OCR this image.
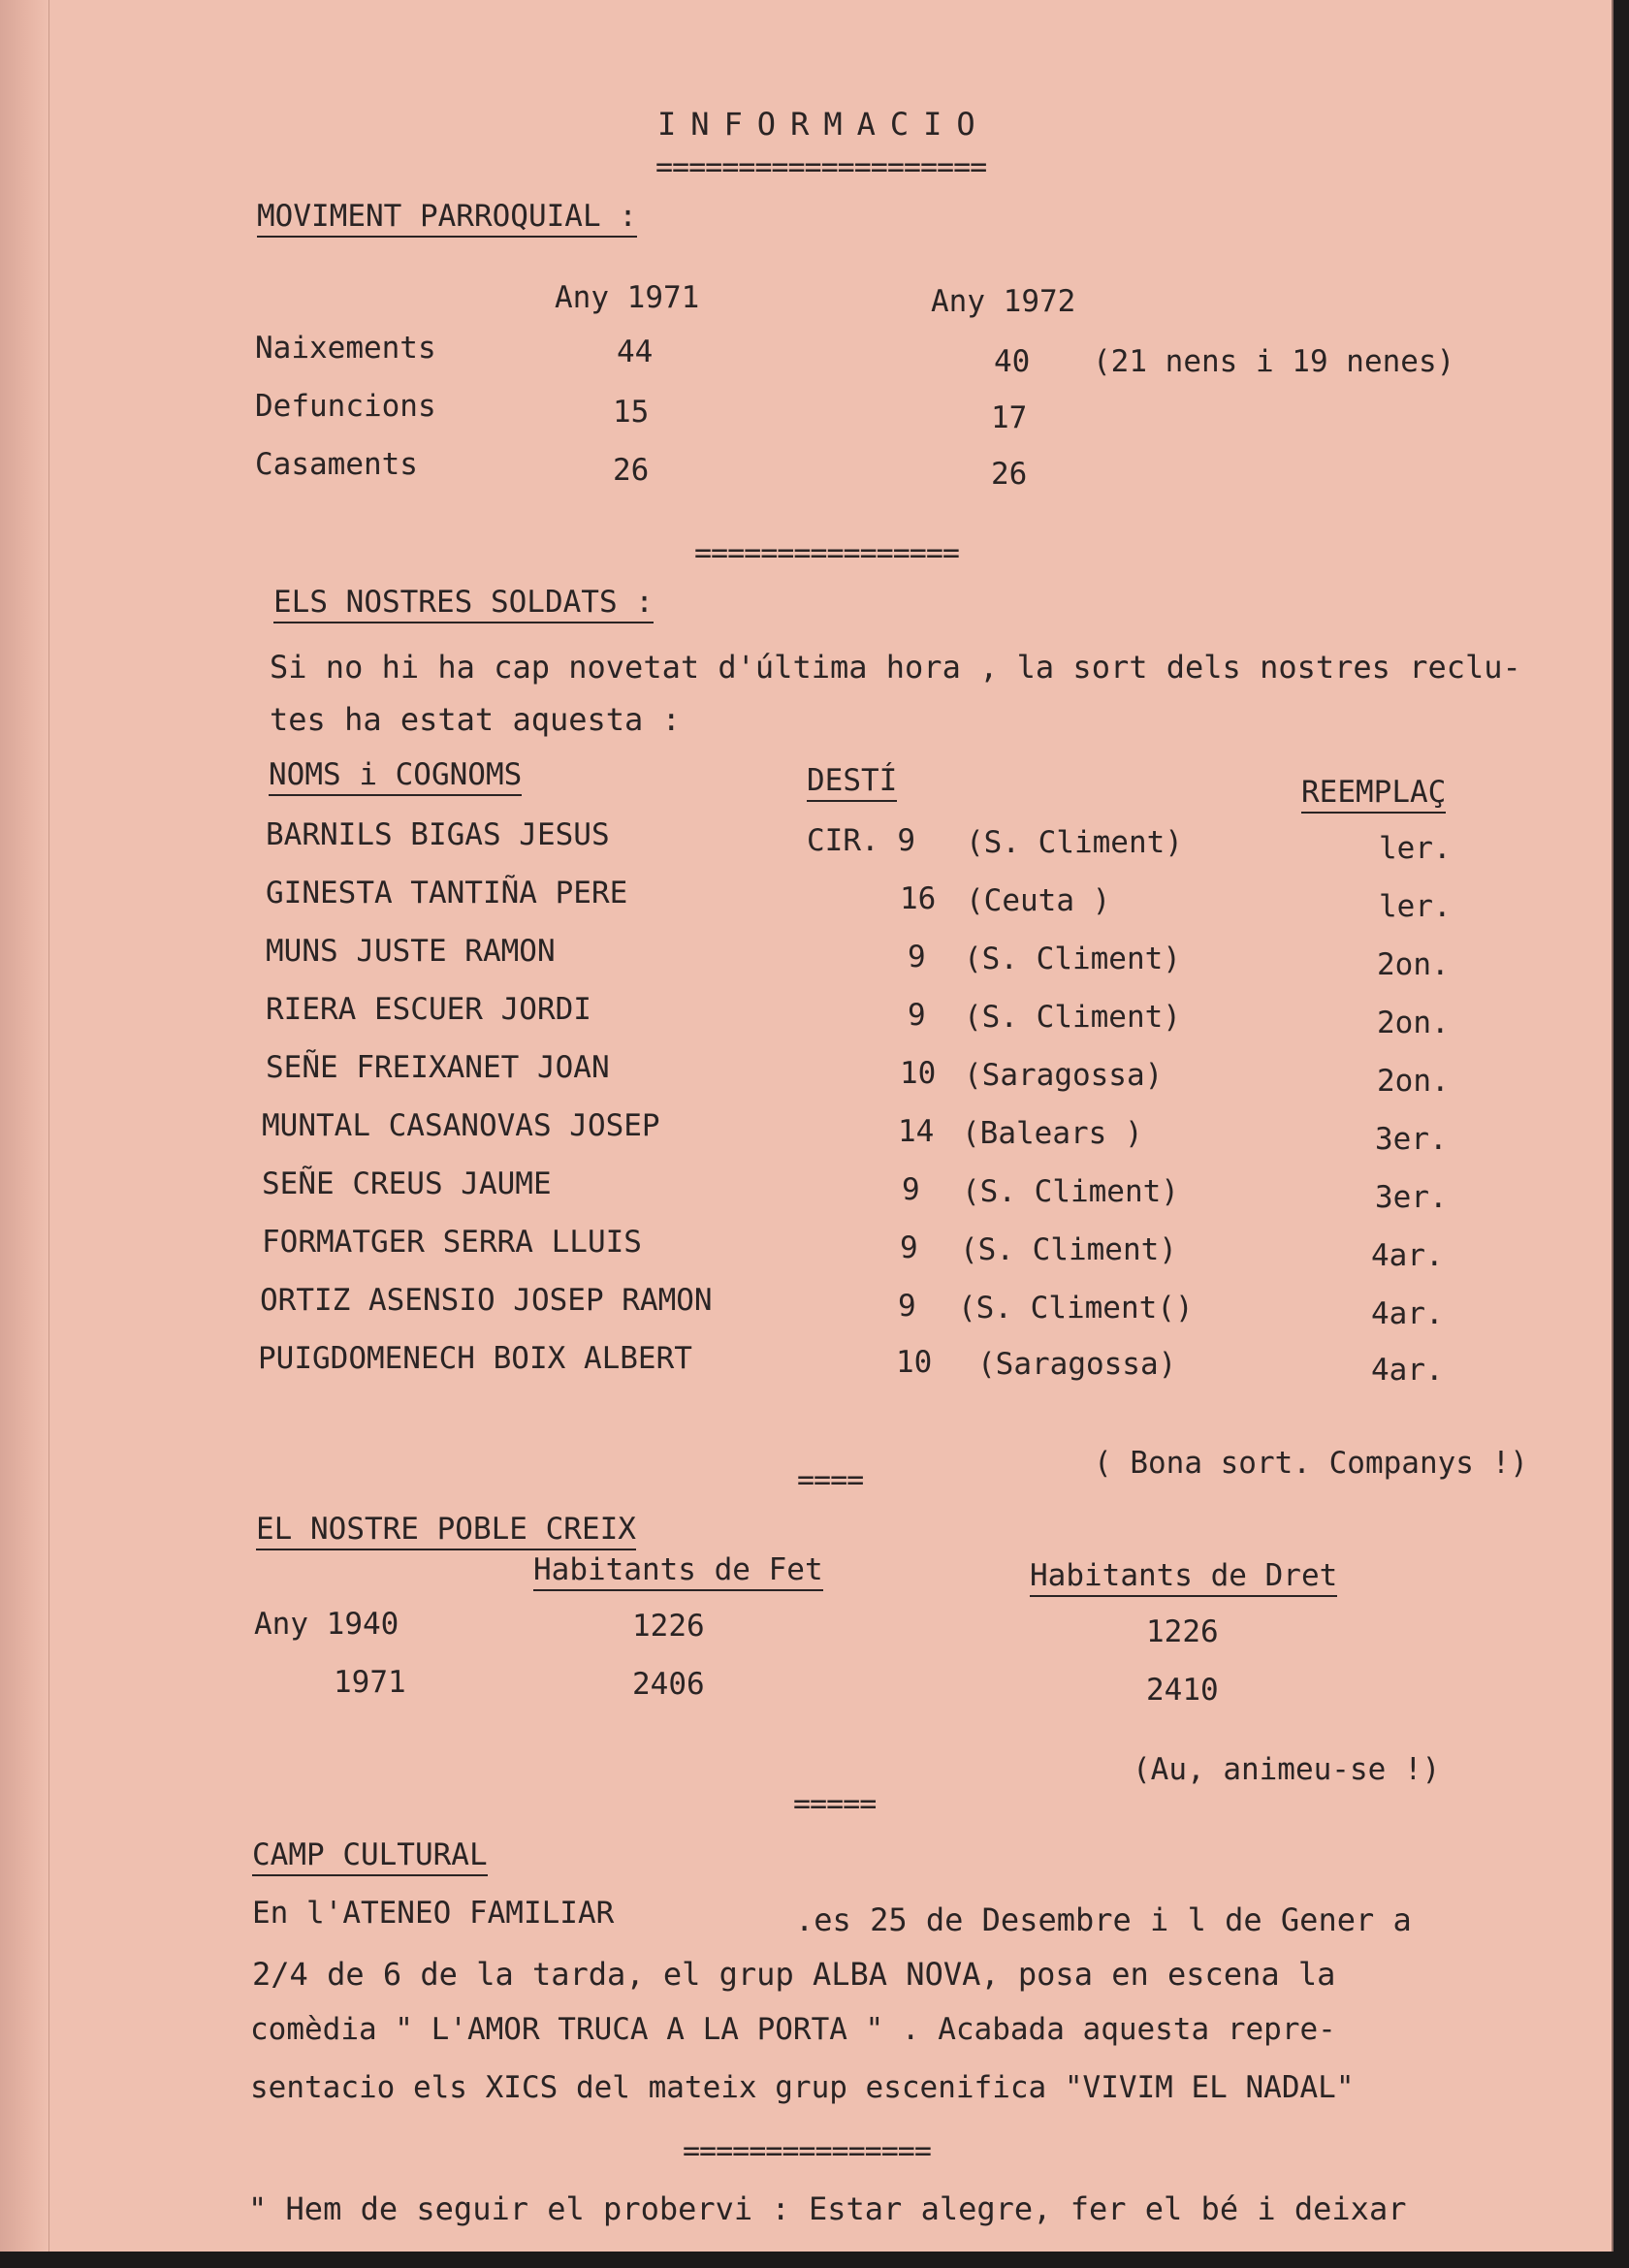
INFORMACIO
====================
MOVIMENT PARROQUIAL :
Any 1971	Any 1972
Naixements	44	40 (21 nens i 19 nenes)
Defuncions	15	17
Casaments	26	26
================
ELS NOSTRES SOLDATS :
Si no hi ha cap novetat d'última hora , la sort dels nostres reclu-
tes ha estat aquesta :
NOMS i COGNOMS	DESTÍ	REEMPLAÇ
BARNILS BIGAS JESUS	CIR. 9 (S. Climent)	ler.
GINESTA TANTIÑA PERE	16 (Ceuta )	ler.
MUNS JUSTE RAMON	9 (S. Climent)	2on.
RIERA ESCUER JORDI	9 (S. Climent)	2on.
SEÑE FREIXANET JOAN	10 (Saragossa)	2on.
MUNTAL CASANOVAS JOSEP	14 (Balears )	3er.
SEÑE CREUS JAUME	9 (S. Climent)	3er.
FORMATGER SERRA LLUIS	9 (S. Climent)	4ar.
ORTIZ ASENSIO JOSEP RAMON	9 (S. Climent()	4ar.
PUIGDOMENECH BOIX ALBERT	10 (Saragossa)	4ar.
( Bona sort. Companys !)
====
EL NOSTRE POBLE CREIX
Habitants de Fet	Habitants de Dret
Any 1940	1226	1226
1971	2406	2410
(Au, animeu-se !)
=====
CAMP CULTURAL
En l'ATENEO FAMILIAR	.es 25 de Desembre i l de Gener a
2/4 de 6 de la tarda, el grup ALBA NOVA, posa en escena la
comèdia " L'AMOR TRUCA A LA PORTA " . Acabada aquesta repre-
sentacio els XICS del mateix grup escenifica "VIVIM EL NADAL"
===============
" Hem de seguir el probervi : Estar alegre, fer el bé i deixar
